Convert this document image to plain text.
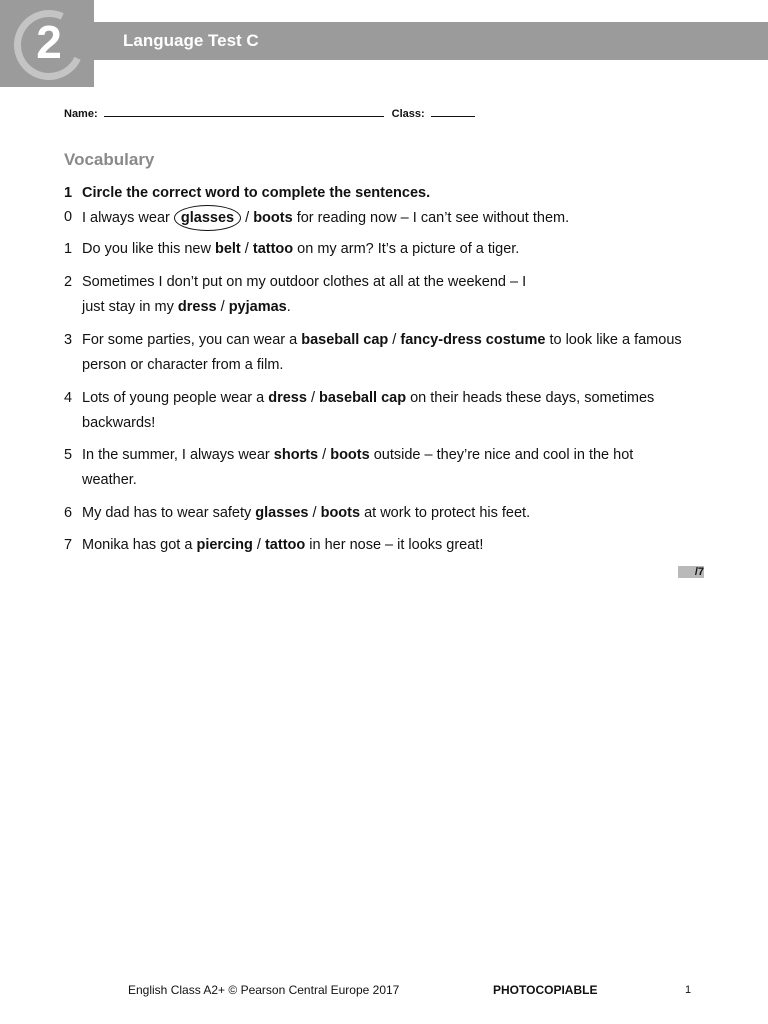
2	Language Test C
Name:	Class:
Vocabulary
1 Circle the correct word to complete the sentences.
0 I always wear glasses / boots for reading now – I can’t see without them.
1 Do you like this new belt / tattoo on my arm? It’s a picture of a tiger.
2 Sometimes I don’t put on my outdoor clothes at all at the weekend – I just stay in my dress / pyjamas.
3 For some parties, you can wear a baseball cap / fancy-dress costume to look like a famous person or character from a film.
4 Lots of young people wear a dress / baseball cap on their heads these days, sometimes backwards!
5 In the summer, I always wear shorts / boots outside – they’re nice and cool in the hot weather.
6 My dad has to wear safety glasses / boots at work to protect his feet.
7 Monika has got a piercing / tattoo in her nose – it looks great!
/7
English Class A2+ © Pearson Central Europe 2017	PHOTOCOPIABLE	1
